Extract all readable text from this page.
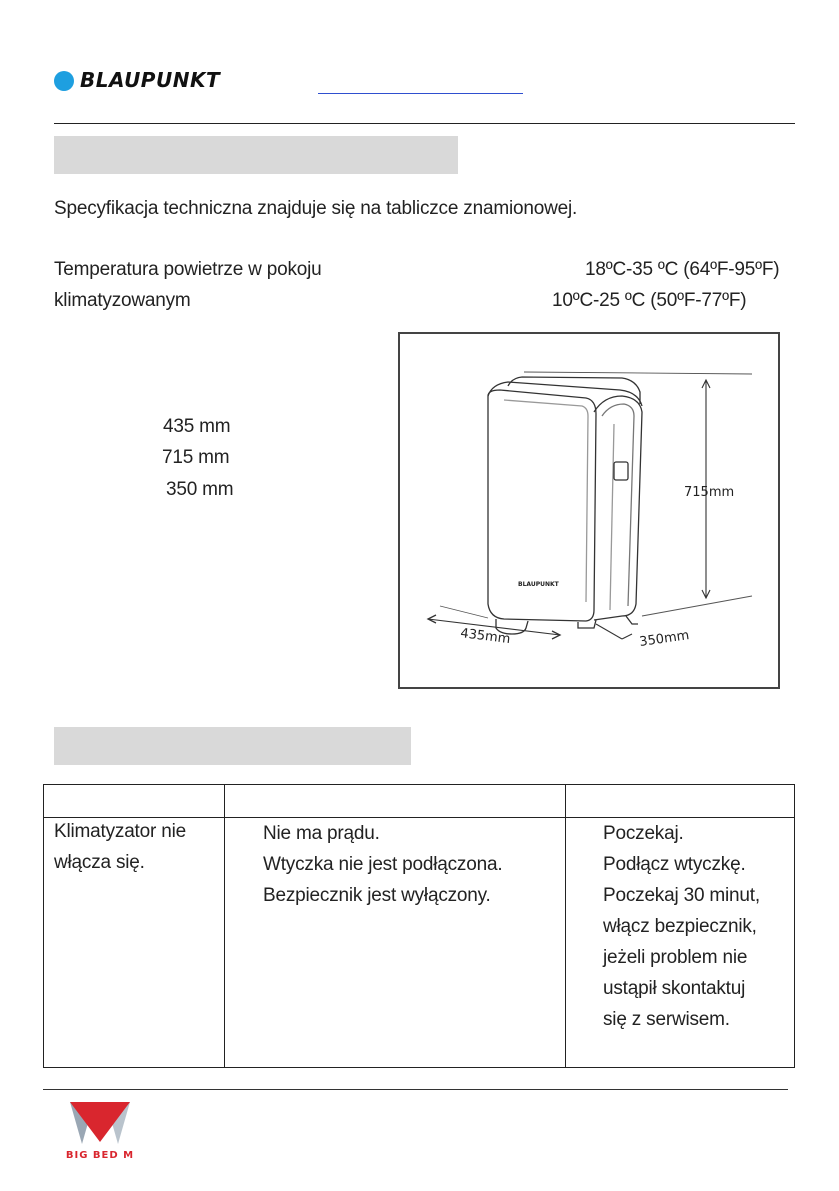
BLAUPUNKT
Specyfikacja techniczna znajduje się na tabliczce znamionowej.
Temperatura powietrze w pokoju
klimatyzowanym
18ºC-35 ºC (64ºF-95ºF)
10ºC-25 ºC (50ºF-77ºF)
435 mm
715 mm
350 mm
BLAUPUNKT
715mm
435mm	350mm
Klimatyzator nie
włącza się.
Nie ma prądu.
Wtyczka nie jest podłączona.
Bezpiecznik jest wyłączony.
Poczekaj.
Podłącz wtyczkę.
Poczekaj 30 minut,
włącz bezpiecznik,
jeżeli problem nie
ustąpił skontaktuj
się z serwisem.
BIG BED M
